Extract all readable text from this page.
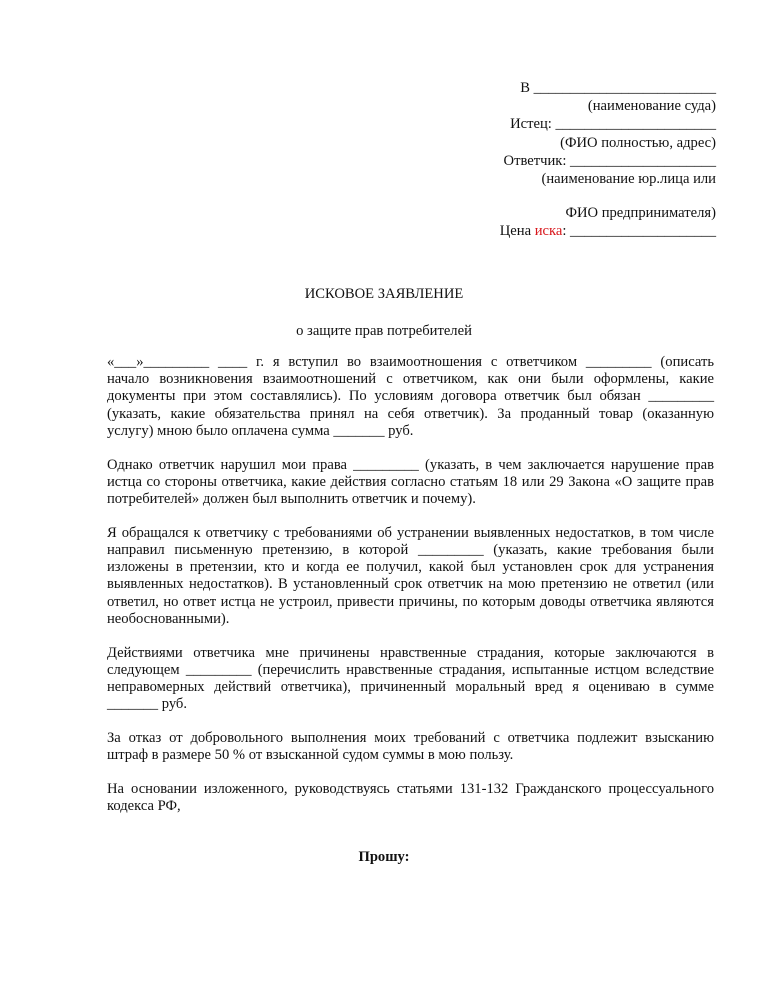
В _________________________
(наименование суда)
Истец: ______________________
(ФИО полностью, адрес)
Ответчик: ____________________
(наименование юр.лица или
ФИО предпринимателя)
Цена
иска : ____________________
ИСКОВОЕ ЗАЯВЛЕНИЕ
о защите прав потребителей

«___»_________ ____ г. я вступил во взаимоотношения с ответчиком _________ (описать
начало возникновения взаимоотношений с ответчиком, как они были оформлены, какие
документы при этом составлялись). По условиям договора ответчик был обязан _________
(указать, какие обязательства принял на себя ответчик). За проданный товар (оказанную
услугу) мною было оплачена сумма _______ руб.

Однако ответчик нарушил мои права _________ (указать, в чем заключается нарушение прав
истца со стороны ответчика, какие действия согласно статьям 18 или 29 Закона «О защите прав
потребителей» должен был выполнить ответчик и почему).

Я обращался к ответчику с требованиями об устранении выявленных недостатков, в том числе
направил письменную претензию, в которой _________ (указать, какие требования были
изложены в претензии, кто и когда ее получил, какой был установлен срок для устранения
выявленных недостатков). В установленный срок ответчик на мою претензию не ответил (или
ответил, но ответ истца не устроил, привести причины, по которым доводы ответчика являются
необоснованными).

Действиями ответчика мне причинены нравственные страдания, которые заключаются в
следующем _________ (перечислить нравственные страдания, испытанные истцом вследствие
неправомерных действий ответчика), причиненный моральный вред я оцениваю в сумме
_______ руб.

За отказ от добровольного выполнения моих требований с ответчика подлежит взысканию
штраф в размере 50 % от взысканной судом суммы в мою пользу.

На основании изложенного, руководствуясь статьями 131-132 Гражданского процессуального
кодекса РФ,

Прошу:
